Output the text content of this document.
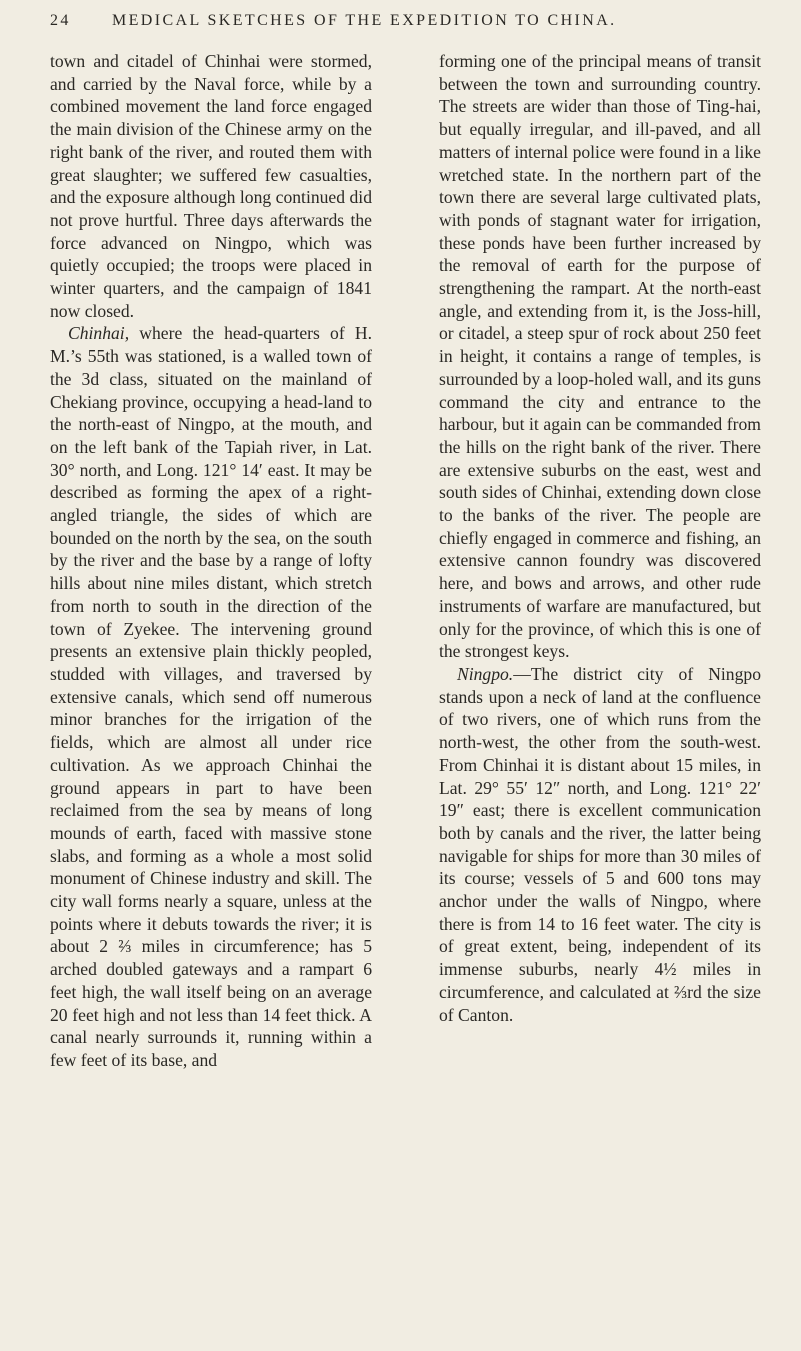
24	MEDICAL SKETCHES OF THE EXPEDITION TO CHINA.

town and citadel of Chinhai were stormed, and carried by the Naval force, while by a combined movement the land force engaged the main division of the Chinese army on the right bank of the river, and routed them with great slaughter; we suffered few casualties, and the exposure although long continued did not prove hurtful. Three days afterwards the force advanced on Ningpo, which was quietly occupied; the troops were placed in winter quarters, and the campaign of 1841 now closed.

Chinhai, where the head-quarters of H. M.’s 55th was stationed, is a walled town of the 3d class, situated on the mainland of Chekiang province, occupying a head-land to the north-east of Ningpo, at the mouth, and on the left bank of the Tapiah river, in Lat. 30° north, and Long. 121° 14′ east. It may be described as forming the apex of a right-angled triangle, the sides of which are bounded on the north by the sea, on the south by the river and the base by a range of lofty hills about nine miles distant, which stretch from north to south in the direction of the town of Zyekee. The intervening ground presents an extensive plain thickly peopled, studded with villages, and traversed by extensive canals, which send off numerous minor branches for the irrigation of the fields, which are almost all under rice cultivation. As we approach Chinhai the ground appears in part to have been reclaimed from the sea by means of long mounds of earth, faced with massive stone slabs, and forming as a whole a most solid monument of Chinese industry and skill. The city wall forms nearly a square, unless at the points where it debuts towards the river; it is about 2 ⅔ miles in circumference; has 5 arched doubled gateways and a rampart 6 feet high, the wall itself being on an average 20 feet high and not less than 14 feet thick. A canal nearly surrounds it, running within a few feet of its base, and

forming one of the principal means of transit between the town and surrounding country. The streets are wider than those of Ting-hai, but equally irregular, and ill-paved, and all matters of internal police were found in a like wretched state. In the northern part of the town there are several large cultivated plats, with ponds of stagnant water for irrigation, these ponds have been further increased by the removal of earth for the purpose of strengthening the rampart. At the north-east angle, and extending from it, is the Joss-hill, or citadel, a steep spur of rock about 250 feet in height, it contains a range of temples, is surrounded by a loop-holed wall, and its guns command the city and entrance to the harbour, but it again can be commanded from the hills on the right bank of the river. There are extensive suburbs on the east, west and south sides of Chinhai, extending down close to the banks of the river. The people are chiefly engaged in commerce and fishing, an extensive cannon foundry was discovered here, and bows and arrows, and other rude instruments of warfare are manufactured, but only for the province, of which this is one of the strongest keys.

Ningpo.—The district city of Ningpo stands upon a neck of land at the confluence of two rivers, one of which runs from the north-west, the other from the south-west. From Chinhai it is distant about 15 miles, in Lat. 29° 55′ 12″ north, and Long. 121° 22′ 19″ east; there is excellent communication both by canals and the river, the latter being navigable for ships for more than 30 miles of its course; vessels of 5 and 600 tons may anchor under the walls of Ningpo, where there is from 14 to 16 feet water. The city is of great extent, being, independent of its immense suburbs, nearly 4½ miles in circumference, and calculated at ⅔rd the size of Canton.
